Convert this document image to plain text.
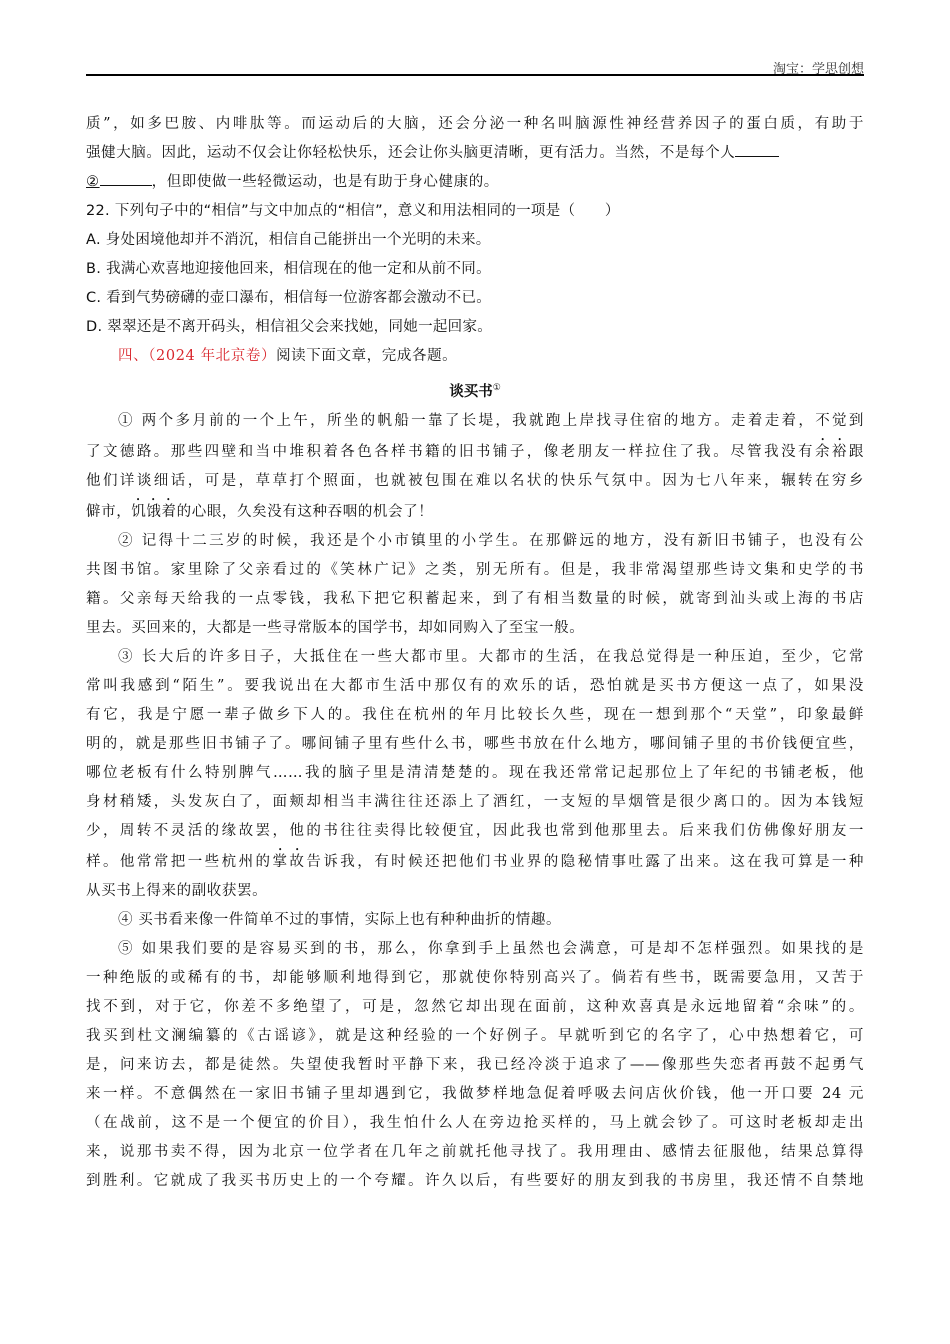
淘宝：学思创想
质”，如多巴胺、内啡肽等。而运动后的大脑，还会分泌一种名叫脑源性神经营养因子的蛋白质，有助于
强健大脑。因此，运动不仅会让你轻松快乐，还会让你头脑更清晰，更有活力。当然，不是每个人
②	，但即使做一些轻微运动，也是有助于身心健康的。
22. 下列句子中的“相信”与文中加点的“相信”，意义和用法相同的一项是（　　）
A. 身处困境他却并不消沉，相信自己能拼出一个光明的未来。
B. 我满心欢喜地迎接他回来，相信现在的他一定和从前不同。
C. 看到气势磅礴的壶口瀑布，相信每一位游客都会激动不已。
D. 翠翠还是不离开码头，相信祖父会来找她，同她一起回家。
四、（2024 年北京卷）阅读下面文章，完成各题。
谈买书①
① 两个多月前的一个上午，所坐的帆船一靠了长堤，我就跑上岸找寻住宿的地方。走着走着，不觉到
了文德路。那些四壁和当中堆积着各色各样书籍的旧书铺子，像老朋友一样拉住了我。尽管我没有余裕跟
他们详谈细话，可是，草草打个照面，也就被包围在难以名状的快乐气氛中。因为七八年来，辗转在穷乡
僻市，饥饿着的心眼，久矣没有这种吞咽的机会了！
② 记得十二三岁的时候，我还是个小市镇里的小学生。在那僻远的地方，没有新旧书铺子，也没有公
共图书馆。家里除了父亲看过的《笑林广记》之类，别无所有。但是，我非常渴望那些诗文集和史学的书
籍。父亲每天给我的一点零钱，我私下把它积蓄起来，到了有相当数量的时候，就寄到汕头或上海的书店
里去。买回来的，大都是一些寻常版本的国学书，却如同购入了至宝一般。
③ 长大后的许多日子，大抵住在一些大都市里。大都市的生活，在我总觉得是一种压迫，至少，它常
常叫我感到“陌生”。要我说出在大都市生活中那仅有的欢乐的话，恐怕就是买书方便这一点了，如果没
有它，我是宁愿一辈子做乡下人的。我住在杭州的年月比较长久些，现在一想到那个“天堂”，印象最鲜
明的，就是那些旧书铺子了。哪间铺子里有些什么书，哪些书放在什么地方，哪间铺子里的书价钱便宜些，
哪位老板有什么特别脾气……我的脑子里是清清楚楚的。现在我还常常记起那位上了年纪的书铺老板，他
身材稍矮，头发灰白了，面颊却相当丰满往往还添上了酒红，一支短的旱烟管是很少离口的。因为本钱短
少，周转不灵活的缘故罢，他的书往往卖得比较便宜，因此我也常到他那里去。后来我们仿佛像好朋友一
样。他常常把一些杭州的掌故告诉我，有时候还把他们书业界的隐秘情事吐露了出来。这在我可算是一种
从买书上得来的副收获罢。
④ 买书看来像一件简单不过的事情，实际上也有种种曲折的情趣。
⑤ 如果我们要的是容易买到的书，那么，你拿到手上虽然也会满意，可是却不怎样强烈。如果找的是
一种绝版的或稀有的书，却能够顺利地得到它，那就使你特别高兴了。倘若有些书，既需要急用，又苦于
找不到，对于它，你差不多绝望了，可是，忽然它却出现在面前，这种欢喜真是永远地留着“余味”的。
我买到杜文澜编纂的《古谣谚》，就是这种经验的一个好例子。早就听到它的名字了，心中热想着它，可
是，问来访去，都是徒然。失望使我暂时平静下来，我已经冷淡于追求了——像那些失恋者再鼓不起勇气
来一样。不意偶然在一家旧书铺子里却遇到它，我做梦样地急促着呼吸去问店伙价钱，他一开口要 24 元
（在战前，这不是一个便宜的价目），我生怕什么人在旁边抢买样的，马上就会钞了。可这时老板却走出
来，说那书卖不得，因为北京一位学者在几年之前就托他寻找了。我用理由、感情去征服他，结果总算得
到胜利。它就成了我买书历史上的一个夸耀。许久以后，有些要好的朋友到我的书房里，我还情不自禁地
